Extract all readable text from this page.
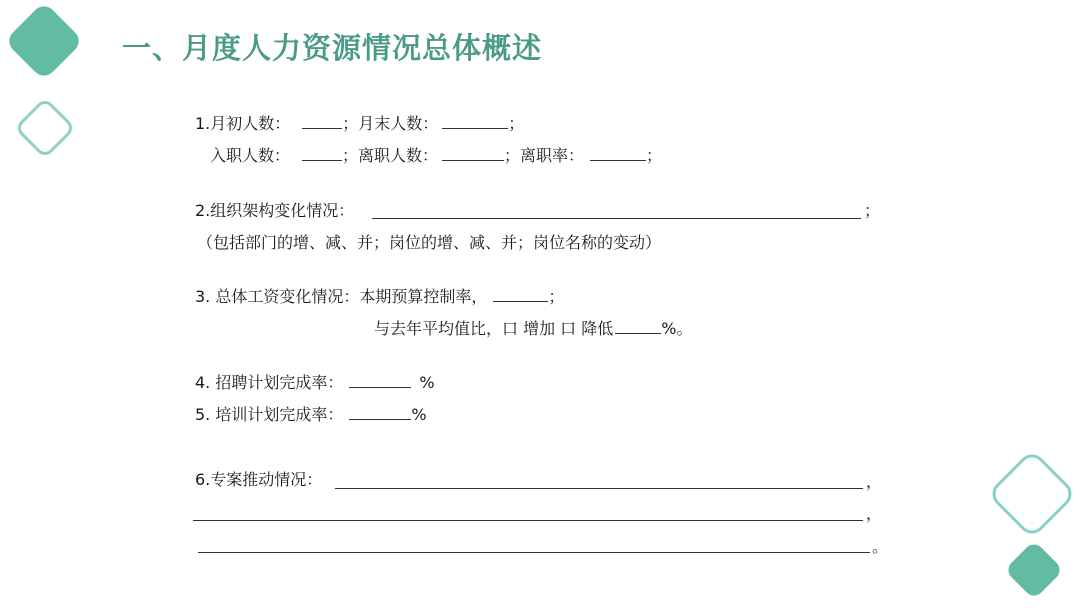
一、月度人力资源情况总体概述
1.月初人数：	；月末人数：	；
入职人数：	；离职人数：	；离职率：	；
2.组织架构变化情况：	；
（包括部门的增、减、并；岗位的增、减、并；岗位名称的变动）
3. 总体工资变化情况：本期预算控制率，	；
与去年平均值比，口 增加 口 降低	%。
4. 招聘计划完成率：	%
5. 培训计划完成率：	%
6.专案推动情况：	，
，
。
